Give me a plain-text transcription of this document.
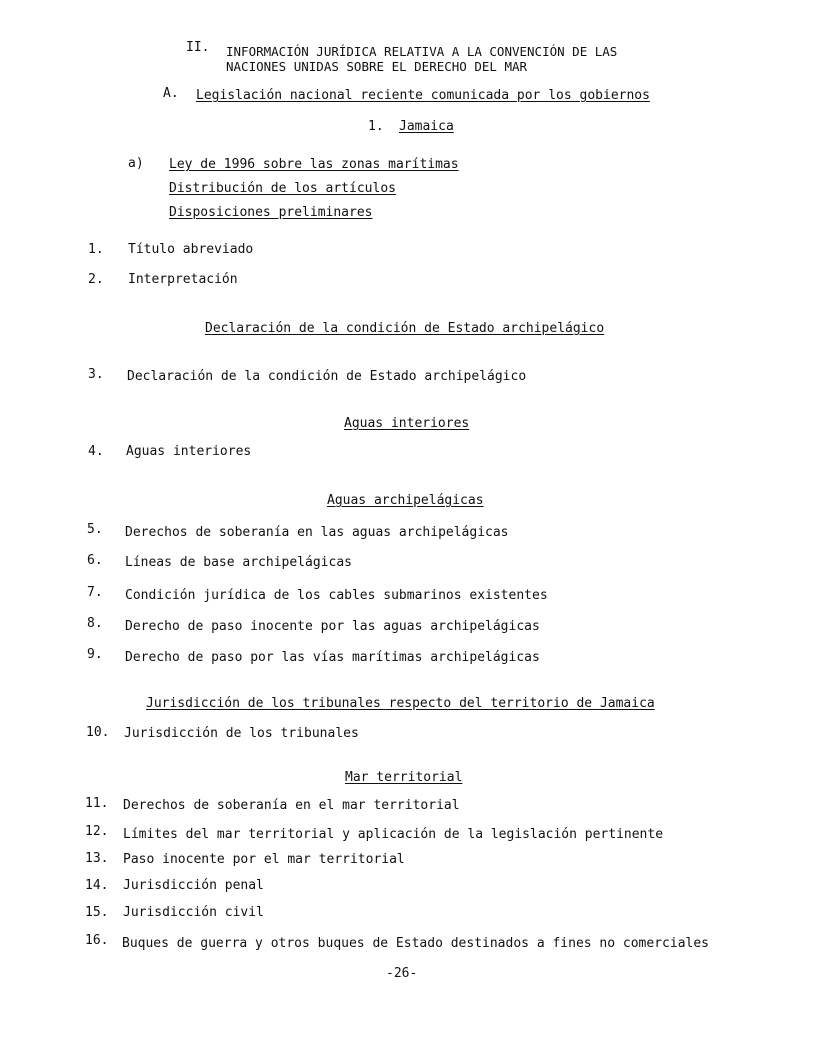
II. INFORMACIÓN JURÍDICA RELATIVA A LA CONVENCIÓN DE LAS
NACIONES UNIDAS SOBRE EL DERECHO DEL MAR
A. Legislación nacional reciente comunicada por los gobiernos
1. Jamaica
a) Ley de 1996 sobre las zonas marítimas
Distribución de los artículos
Disposiciones preliminares
1. Título abreviado
2. Interpretación
Declaración de la condición de Estado archipelágico
3. Declaración de la condición de Estado archipelágico
Aguas interiores
4. Aguas interiores
Aguas archipelágicas
5. Derechos de soberanía en las aguas archipelágicas
6. Líneas de base archipelágicas
7. Condición jurídica de los cables submarinos existentes
8. Derecho de paso inocente por las aguas archipelágicas
9. Derecho de paso por las vías marítimas archipelágicas
Jurisdicción de los tribunales respecto del territorio de Jamaica
10. Jurisdicción de los tribunales
Mar territorial
11. Derechos de soberanía en el mar territorial
12. Límites del mar territorial y aplicación de la legislación pertinente
13. Paso inocente por el mar territorial
14. Jurisdicción penal
15. Jurisdicción civil
16. Buques de guerra y otros buques de Estado destinados a fines no comerciales
-26-
